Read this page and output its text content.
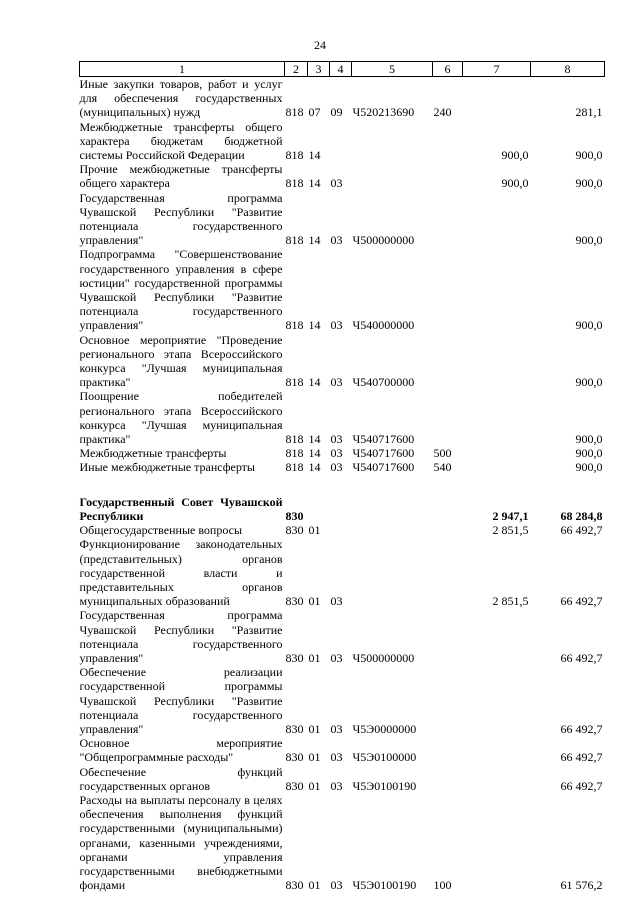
24
1	2	3	4	5	6	7	8
Иные закупки товаров, работ и услуг для обеспечения государственных (муниципальных) нужд	818	07	09	Ч520213690	240		281,1
Межбюджетные трансферты общего характера бюджетам бюджетной системы Российской Федерации	818	14				900,0	900,0
Прочие межбюджетные трансферты общего характера	818	14	03			900,0	900,0
Государственная программа Чувашской Республики "Развитие потенциала государственного управления"	818	14	03	Ч500000000			900,0
Подпрограмма "Совершенствование государственного управления в сфере юстиции" государственной программы Чувашской Республики "Развитие потенциала государственного управления"	818	14	03	Ч540000000			900,0
Основное мероприятие "Проведение регионального этапа Всероссийского конкурса "Лучшая муниципальная практика"	818	14	03	Ч540700000			900,0
Поощрение победителей регионального этапа Всероссийского конкурса "Лучшая муниципальная практика"	818	14	03	Ч540717600			900,0
Межбюджетные трансферты	818	14	03	Ч540717600	500		900,0
Иные межбюджетные трансферты	818	14	03	Ч540717600	540		900,0

Государственный Совет Чувашской Республики	830					2 947,1	68 284,8
Общегосударственные вопросы	830	01				2 851,5	66 492,7
Функционирование законодательных (представительных) органов государственной власти и представительных органов муниципальных образований	830	01	03			2 851,5	66 492,7
Государственная программа Чувашской Республики "Развитие потенциала государственного управления"	830	01	03	Ч500000000			66 492,7
Обеспечение реализации государственной программы Чувашской Республики "Развитие потенциала государственного управления"	830	01	03	Ч5Э0000000			66 492,7
Основное мероприятие "Общепрограммные расходы"	830	01	03	Ч5Э0100000			66 492,7
Обеспечение функций государственных органов	830	01	03	Ч5Э0100190			66 492,7
Расходы на выплаты персоналу в целях обеспечения выполнения функций государственными (муниципальными) органами, казенными учреждениями, органами управления государственными внебюджетными фондами	830	01	03	Ч5Э0100190	100		61 576,2
